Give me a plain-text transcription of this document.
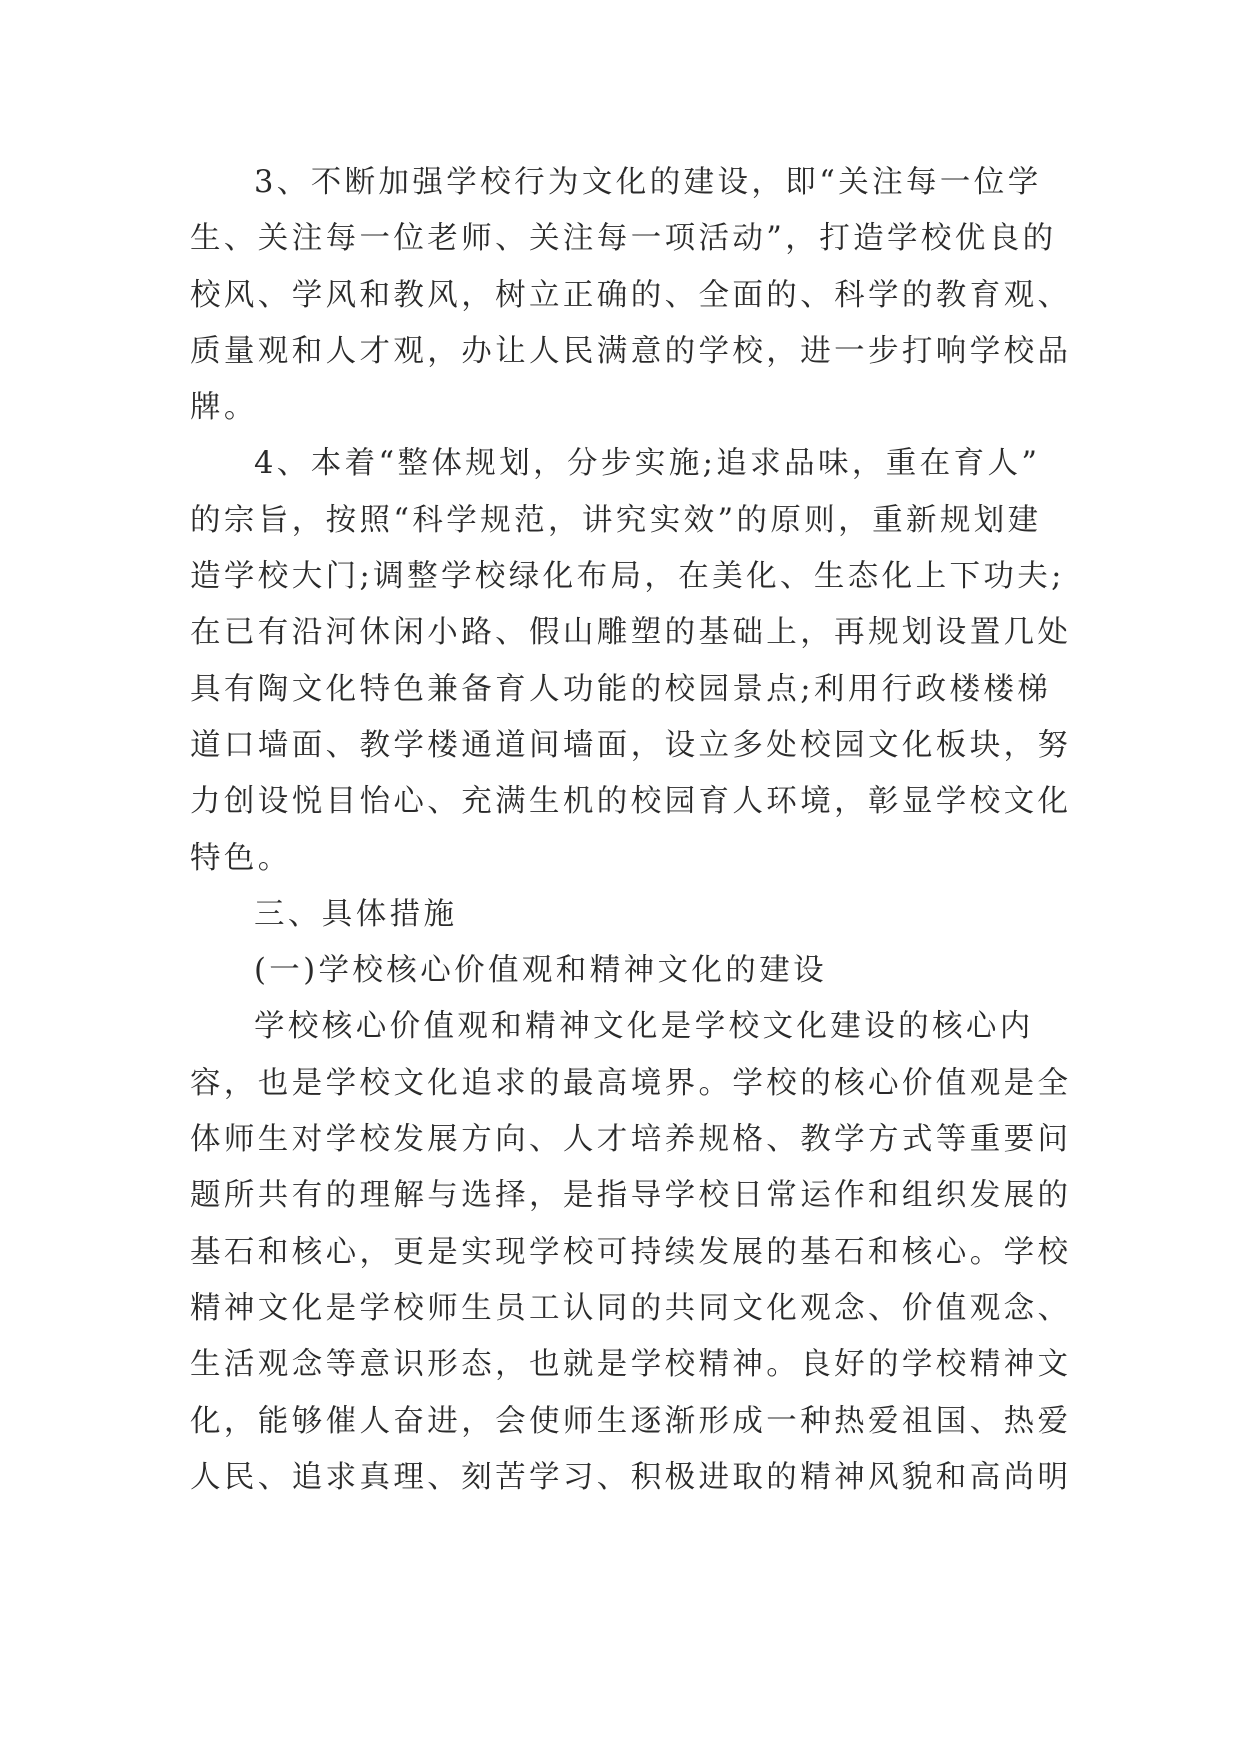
3、不断加强学校行为文化的建设，即“关注每一位学
生、关注每一位老师、关注每一项活动”，打造学校优良的
校风、学风和教风，树立正确的、全面的、科学的教育观、
质量观和人才观，办让人民满意的学校，进一步打响学校品
牌。
4、本着“整体规划，分步实施;追求品味，重在育人”
的宗旨，按照“科学规范，讲究实效”的原则，重新规划建
造学校大门;调整学校绿化布局，在美化、生态化上下功夫;
在已有沿河休闲小路、假山雕塑的基础上，再规划设置几处
具有陶文化特色兼备育人功能的校园景点;利用行政楼楼梯
道口墙面、教学楼通道间墙面，设立多处校园文化板块，努
力创设悦目怡心、充满生机的校园育人环境，彰显学校文化
特色。
三、具体措施
(一)学校核心价值观和精神文化的建设
学校核心价值观和精神文化是学校文化建设的核心内
容，也是学校文化追求的最高境界。学校的核心价值观是全
体师生对学校发展方向、人才培养规格、教学方式等重要问
题所共有的理解与选择，是指导学校日常运作和组织发展的
基石和核心，更是实现学校可持续发展的基石和核心。学校
精神文化是学校师生员工认同的共同文化观念、价值观念、
生活观念等意识形态，也就是学校精神。良好的学校精神文
化，能够催人奋进，会使师生逐渐形成一种热爱祖国、热爱
人民、追求真理、刻苦学习、积极进取的精神风貌和高尚明
